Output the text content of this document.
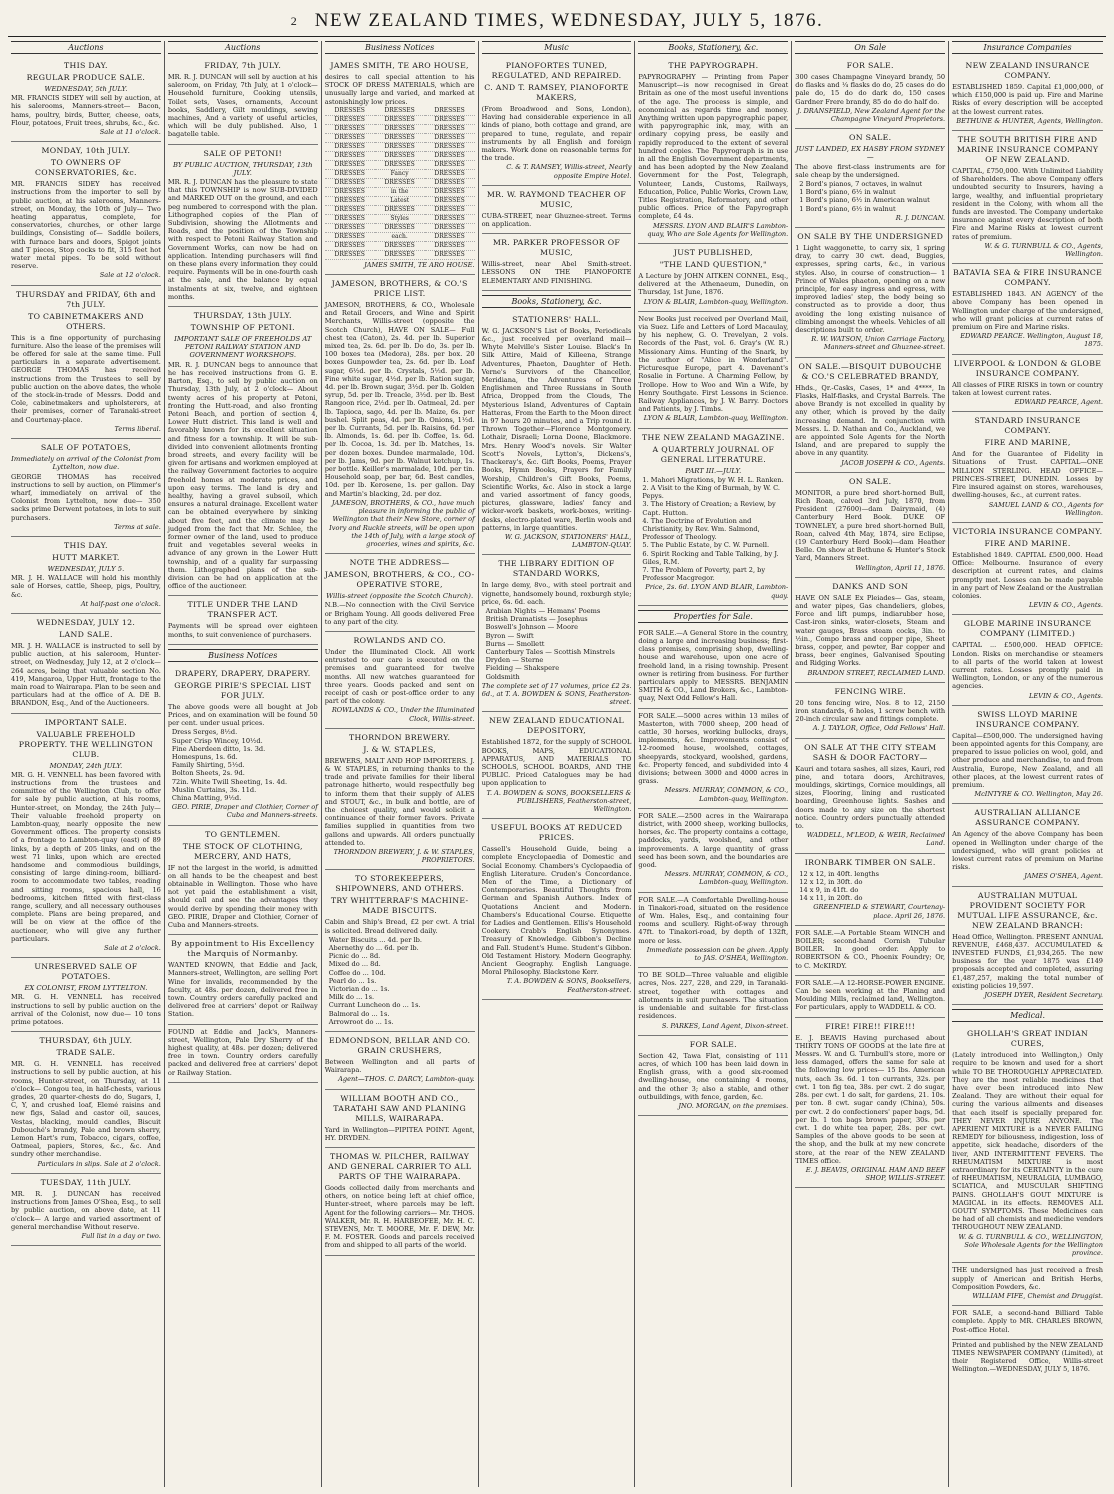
2 NEW ZEALAND TIMES, WEDNESDAY, JULY 5, 1876.
Auctions
THIS DAY.
REGULAR PRODUCE SALE.
WEDNESDAY, 5th JULY.
MR. FRANCIS SIDEY will sell by auction, at his salerooms, Manners-street— Bacon, hams, poultry, birds, Butter, cheese, oats, Flour, potatoes, Fruit trees, shrubs, &c., &c.
Sale at 11 o'clock.
MONDAY, 10th JULY.
TO OWNERS OF CONSERVATORIES, &c.
MR. FRANCIS SIDEY has received instructions from the importer to sell by public auction, at his salerooms, Manners-street, on Monday, the 10th of July— Two heating apparatus, complete, for conservatories, churches, or other large buildings, Consisting of— Saddle boilers, with furnace bars and doors, Spigot joints and T pieces, Stop cocks to fit, 315 feet hot water metal pipes. To be sold without reserve.
Sale at 12 o'clock.
THURSDAY and FRIDAY, 6th and 7th JULY.
TO CABINETMAKERS AND OTHERS.
This is a fine opportunity of purchasing furniture. Also the lease of the premises will be offered for sale at the same time. Full particulars in a separate advertisement. GEORGE THOMAS has received instructions from the Trustees to sell by public auction on the above dates, the whole of the stock-in-trade of Messrs. Dodd and Cole, cabinetmakers and upholsterers, at their premises, corner of Taranaki-street and Courtenay-place.
Terms liberal.
SALE OF POTATOES,
Immediately on arrival of the Colonist from Lyttelton, now due.
GEORGE THOMAS has received instructions to sell by auction, on Plimmer's wharf, immediately on arrival of the Colonist from Lyttelton, now due— 350 sacks prime Derwent potatoes, in lots to suit purchasers.
Terms at sale.
THIS DAY.
HUTT MARKET.
WEDNESDAY, JULY 5.
MR. J. H. WALLACE will hold his monthly sale of Horses, cattle, Sheep, pigs, Poultry, &c.
At half-past one o'clock.
WEDNESDAY, JULY 12.
LAND SALE.
MR. J. H. WALLACE is instructed to sell by public auction, at his saleroom, Hunter-street, on Wednesday, July 12, at 2 o'clock— 264 acres, being that valuable section No. 419, Mangaroa, Upper Hutt, frontage to the main road to Wairarapa. Plan to be seen and particulars had at the office of A. DE B. BRANDON, Esq., And of the Auctioneers.
IMPORTANT SALE.
VALUABLE FREEHOLD PROPERTY. THE WELLINGTON CLUB.
MONDAY, 24th JULY.
MR. G. H. VENNELL has been favored with instructions from the trustees and committee of the Wellington Club, to offer for sale by public auction, at his rooms, Hunter-street, on Monday, the 24th July— Their valuable freehold property on Lambton-quay, nearly opposite the new Government offices. The property consists of a frontage to Lambton-quay (east) of 89 links, by a depth of 205 links, and on the west 71 links, upon which are erected handsome and commodious buildings, consisting of large dining-room, billiard-room to accommodate two tables, reading and sitting rooms, spacious hall, 16 bedrooms, kitchen fitted with first-class range, scullery, and all necessary outhouses complete. Plans are being prepared, and will be on view at the office of the auctioneer, who will give any further particulars.
Sale at 2 o'clock.
UNRESERVED SALE OF POTATOES.
EX COLONIST, FROM LYTTELTON.
MR. G. H. VENNELL has received instructions to sell by public auction on the arrival of the Colonist, now due— 10 tons prime potatoes.
THURSDAY, 6th JULY.
TRADE SALE.
MR. G. H. VENNELL has received instructions to sell by public auction, at his rooms, Hunter-street, on Thursday, at 11 o'clock— Congou tea, in half-chests, various grades, 20 quarter-chests do do, Sugars, I, C, Y, and crushed loaf, Elemé raisins and new figs, Salad and castor oil, sauces, Vestas, blacking, mould candles, Biscuit Dubouché's brandy, Pale and brown sherry, Lemon Hart's rum, Tobacco, cigars, coffee, Oatmeal, papiers, Stores, &c., &c. And sundry other merchandise.
Particulars in slips. Sale at 2 o'clock.
TUESDAY, 11th JULY.
MR. R. J. DUNCAN has received instructions from James O'Shea, Esq., to sell by public auction, on above date, at 11 o'clock— A large and varied assortment of general merchandise Without reserve.
Full list in a day or two.
Auctions
FRIDAY, 7th JULY.
MR. R. J. DUNCAN will sell by auction at his saleroom, on Friday, 7th July, at 1 o'clock— Household furniture, Cooking utensils, Toilet sets, Vases, ornaments, Account books, Saddlery, Gilt mouldings, sewing machines, And a variety of useful articles, which will be duly published. Also, 1 bagatelle table.
SALE OF PETONI!
BY PUBLIC AUCTION, THURSDAY, 13th JULY.
MR. R. J. DUNCAN has the pleasure to state that this TOWNSHIP is now SUB-DIVIDED and MARKED OUT on the ground, and each peg numbered to correspond with the plan. Lithographed copies of the Plan of Subdivision, showing the Allotments and Roads, and the position of the Township with respect to Petoni Railway Station and Government Works, can now be had on application. Intending purchasers will find on these plans every information they could require. Payments will be in one-fourth cash at the sale, and the balance by equal instalments at six, twelve, and eighteen months.
THURSDAY, 13th JULY.
TOWNSHIP OF PETONI.
IMPORTANT SALE OF FREEHOLDS AT PETONI RAILWAY STATION AND GOVERNMENT WORKSHOPS.
MR. R. J. DUNCAN begs to announce that he has received instructions from G. E. Barton, Esq., to sell by public auction on Thursday, 13th July, at 2 o'clock— About twenty acres of his property at Petoni, fronting the Hutt-road, and also fronting Petoni Beach, and portion of section 4, Lower Hutt district. This land is well and favorably known for its excellent situation and fitness for a township. It will be sub-divided into convenient allotments fronting broad streets, and every facility will be given for artisans and workmen employed at the railway Government factories to acquire freehold homes at moderate prices, and upon easy terms. The land is dry and healthy, having a gravel subsoil, which ensures a natural drainage. Excellent water can be obtained everywhere by sinking about five feet, and the climate may be judged from the fact that Mr. Schlee, the former owner of the land, used to produce fruit and vegetables several weeks in advance of any grown in the Lower Hutt township, and of a quality far surpassing them. Lithographed plans of the sub-division can be had on application at the office of the auctioneer.
TITLE UNDER THE LAND TRANSFER ACT.
Payments will be spread over eighteen months, to suit convenience of purchasers.
Business Notices
DRAPERY, DRAPERY, DRAPERY.
GEORGE PIRIE'S SPECIAL LIST FOR JULY.
The above goods were all bought at Job Prices, and on examination will be found 50 per cent. under usual prices.
Dress Serges, 8½d.
Super Crisp Wincey, 10½d.
Fine Aberdeen ditto, 1s. 3d.
Homespuns, 1s. 6d.
Family Shirting, 5½d.
Bolton Sheets, 2s. 9d.
72in. White Twill Sheeting, 1s. 4d.
Muslin Curtains, 3s. 11d.
China Matting, 9½d.
GEO. PIRIE, Draper and Clothier, Corner of Cuba and Manners-streets.
TO GENTLEMEN.
THE STOCK OF CLOTHING, MERCERY, AND HATS,
IF not the largest in the world, is admitted on all hands to be the cheapest and best obtainable in Wellington. Those who have not yet paid the establishment a visit, should call and see the advantages they would derive by spending their money with GEO. PIRIE, Draper and Clothier, Corner of Cuba and Manners-streets.
By appointment to His Excellency the Marquis of Normanby.
WANTED KNOWN, that Eddie and Jack, Manners-street, Wellington, are selling Port Wine for invalids, recommended by the faculty, at 48s. per dozen, delivered free in town. Country orders carefully packed and delivered free at carriers' depot or Railway Station.
FOUND at Eddie and Jack's, Manners-street, Wellington, Pale Dry Sherry of the highest quality, at 48s. per dozen; delivered free in town. Country orders carefully packed and delivered free at carriers' depot or Railway Station.
Business Notices
JAMES SMITH, TE ARO HOUSE,
desires to call special attention to his STOCK OF DRESS MATERIALS, which are unusually large and varied, and marked at astonishingly low prices.
DRESSES	DRESSES	DRESSES
DRESSES	DRESSES	DRESSES
DRESSES	DRESSES	DRESSES
DRESSES	DRESSES	DRESSES
DRESSES	DRESSES	DRESSES
DRESSES	DRESSES	DRESSES
DRESSES	DRESSES	DRESSES
DRESSES	Fancy	DRESSES
DRESSES	DRESSES	DRESSES
DRESSES	in the	DRESSES
DRESSES	Latest	DRESSES
DRESSES	DRESSES	DRESSES
DRESSES	Styles	DRESSES
DRESSES	DRESSES	DRESSES
DRESSES	each.	DRESSES
DRESSES	DRESSES	DRESSES
DRESSES	DRESSES	DRESSES
JAMES SMITH, TE ARO HOUSE.
JAMESON, BROTHERS, & CO.'S PRICE LIST.
JAMESON, BROTHERS, & CO., Wholesale and Retail Grocers, and Wine and Spirit Merchants, Willis-street (opposite the Scotch Church), HAVE ON SALE— Full chest tea (Caton), 2s. 4d. per lb. Superior mixed tea, 2s. 6d. per lb. Do do, 3s. per lb. 100 boxes tea (Medora), 28s. per box. 20 boxes Gunpowder tea, 2s. 6d. per lb. Loaf sugar, 6½d. per lb. Crystals, 5½d. per lb. Fine white sugar, 4½d. per lb. Ration sugar, 4d. per lb. Brown sugar, 3½d. per lb. Golden syrup, 5d. per lb. Treacle, 3½d. per lb. Best Rangoon rice, 2½d. per lb. Oatmeal, 2d. per lb. Tapioca, sago, 4d. per lb. Maize, 6s. per bushel. Split peas, 4d. per lb. Onions, 1½d. per lb. Currants, 5d. per lb. Raisins, 6d. per lb. Almonds, 1s. 6d. per lb. Coffee, 1s. 6d. per lb. Cocoa, 1s. 3d. per lb. Matches, 1s. per dozen boxes. Dundee marmalade, 10d. per lb. Jams, 9d. per lb. Walnut ketchup, 1s. per bottle. Keiller's marmalade, 10d. per tin. Household soap, per bar, 6d. Best candles, 10d. per lb. Kerosene, 1s. per gallon. Day and Martin's blacking, 2d. per doz.
JAMESON, BROTHERS, & CO., have much pleasure in informing the public of Wellington that their New Store, corner of Ivory and Ruckle streets, will be open upon the 14th of July, with a large stock of groceries, wines and spirits, &c.
NOTE THE ADDRESS—
JAMESON, BROTHERS, & CO., CO-OPERATIVE STORE,
Willis-street (opposite the Scotch Church).
N.B.—No connection with the Civil Service or Brigham Young. All goods delivered Free to any part of the city.
ROWLANDS AND CO.
Under the Illuminated Clock. All work entrusted to our care is executed on the premises and guaranteed for twelve months. All new watches guaranteed for three years. Goods packed and sent on receipt of cash or post-office order to any part of the colony.
ROWLANDS & CO., Under the Illuminated Clock, Willis-street.
THORNDON BREWERY.
J. & W. STAPLES,
BREWERS, MALT AND HOP IMPORTERS. J. & W. STAPLES, in returning thanks to the trade and private families for their liberal patronage hitherto, would respectfully beg to inform them that their supply of ALES and STOUT, &c., in bulk and bottle, are of the choicest quality, and would solicit a continuance of their former favors. Private families supplied in quantities from two gallons and upwards. All orders punctually attended to.
THORNDON BREWERY, J. & W. STAPLES, PROPRIETORS.
TO STOREKEEPERS, SHIPOWNERS, AND OTHERS.
TRY WHITTERRAF'S MACHINE-MADE BISCUITS.
Cabin and Ship's Bread, £2 per cwt. A trial is solicited. Bread delivered daily.
Water Biscuits ... 4d. per lb.
Abernethy do ... 6d. per lb.
Picnic do ... 8d.
Mixed do ... 8d.
Coffee do ... 10d.
Pearl do ... 1s.
Victorian do ... 1s.
Milk do ... 1s.
Currant Luncheon do ... 1s.
Balmoral do ... 1s.
Arrowroot do ... 1s.
EDMONDSON, BELLAR AND CO. GRAIN CRUSHERS,
Between Wellington and all parts of Wairarapa.
Agent—THOS. C. DARCY, Lambton-quay.
WILLIAM BOOTH AND CO., TARATAHI SAW AND PLANING MILLS, WAIRARAPA.
Yard in Wellington—PIPITEA POINT. Agent, HY. DRYDEN.
THOMAS W. PILCHER, RAILWAY AND GENERAL CARRIER TO ALL PARTS OF THE WAIRARAPA.
Goods collected daily from merchants and others, on notice being left at chief office, Hunter-street, where parcels may be left. Agent for the following carriers— Mr. THOS. WALKER, Mr. R. H. HARBEOFEE, Mr. H. C. STEVENS, Mr. T. MOORE, Mr. F. DEW, Mr. F. M. FOSTER. Goods and parcels received from and shipped to all parts of the world.
Music
PIANOFORTES TUNED, REGULATED, AND REPAIRED.
C. AND T. RAMSEY, PIANOFORTE MAKERS,
(From Broadwood and Sons, London), Having had considerable experience in all kinds of piano, both cottage and grand, are prepared to tune, regulate, and repair instruments by all English and foreign makers. Work done on reasonable terms for the trade.
C. & T. RAMSEY, Willis-street, Nearly opposite Empire Hotel.
MR. W. RAYMOND TEACHER OF MUSIC,
CUBA-STREET, near Ghuznee-street. Terms on application.
MR. PARKER PROFESSOR OF MUSIC,
Willis-street, near Abel Smith-street. LESSONS ON THE PIANOFORTE ELEMENTARY AND FINISHING.
Books, Stationery, &c.
STATIONERS' HALL.
W. G. JACKSON'S List of Books, Periodicals &c., just received per overland mail— Whyte Melville's Sister Louise. Black's In Silk Attire, Maid of Killeena, Strange Adventures, Phaeton, Daughter of Heth. Verne's Survivors of the Chancellor, Meridiana, the Adventures of Three Englishmen and Three Russians in South Africa, Dropped from the Clouds, The Mysterious Island, Adventures of Captain Hatteras, From the Earth to the Moon direct in 97 hours 20 minutes, and a Trip round it. Thrown Together—Florence Montgomery. Lothair, Disraeli; Lorna Doone, Blackmore. Mrs. Henry Wood's novels. Sir Walter Scott's Novels, Lytton's, Dickens's, Thackeray's, &c. Gift Books, Poems, Prayer Books, Hymn Books, Prayers for Family Worship, Children's Gift Books, Poems, Scientific Works, &c. Also in stock a large and varied assortment of fancy goods, pictures, glassware, ladies' fancy and wicker-work baskets, work-boxes, writing-desks, electro-plated ware, Berlin wools and patterns, in large quantities.
W. G. JACKSON, STATIONERS' HALL, LAMBTON-QUAY.
THE LIBRARY EDITION OF STANDARD WORKS,
In large demy, 8vo., with steel portrait and vignette, handsomely bound, roxburgh style; price, 6s. 6d. each.
Arabian Nights — Hemans' Poems
British Dramatists — Josephus
Boswell's Johnson — Moore
Byron — Swift
Burns — Smollett
Canterbury Tales — Scottish Minstrels
Dryden — Sterne
Fielding — Shakspere
Goldsmith
The complete set of 17 volumes, price £2 2s. 6d., at T. A. BOWDEN & SONS, Featherston-street.
NEW ZEALAND EDUCATIONAL DEPOSITORY,
Established 1872, for the supply of SCHOOL BOOKS, MAPS, EDUCATIONAL APPARATUS, AND MATERIALS TO SCHOOLS, SCHOOL BOARDS, AND THE PUBLIC. Priced Catalogues may be had upon application to
T. A. BOWDEN & SONS, BOOKSELLERS & PUBLISHERS, Featherston-street, Wellington.
USEFUL BOOKS AT REDUCED PRICES.
Cassell's Household Guide, being a complete Encyclopaedia of Domestic and Social Economy. Chambers's Cyclopaedia of English Literature. Cruden's Concordance. Men of the Time, a Dictionary of Contemporaries. Beautiful Thoughts from German and Spanish Authors. Index of Quotations Ancient and Modern. Chambers's Educational Course. Etiquette for Ladies and Gentlemen. Ellis's Household Cookery. Crabb's English Synonymes. Treasury of Knowledge. Gibbon's Decline and Fall. Student's Hume. Student's Gibbon. Old Testament History. Modern Geography. Ancient Geography. English Language. Moral Philosophy. Blackstone Kerr.
T. A. BOWDEN & SONS, Booksellers, Featherston-street.
Books, Stationery, &c.
THE PAPYROGRAPH.
PAPYROGRAPHY — Printing from Paper Manuscript—is now recognised in Great Britain as one of the most useful inventions of the age. The process is simple, and economical as regards time and money. Anything written upon papyrographic paper, with papyrographic ink, may, with an ordinary copying press, be easily and rapidly reproduced to the extent of several hundred copies. The Papyrograph is in use in all the English Government departments, and has been adopted by the New Zealand Government for the Post, Telegraph, Volunteer, Lands, Customs, Railways, Education, Police, Public Works, Crown Law, Titles Registration, Reformatory, and other public offices. Price of the Papyrograph complete, £4 4s.
MESSRS. LYON AND BLAIR'S Lambton-quay, Who are Sole Agents for Wellington.
JUST PUBLISHED,
"THE LAND QUESTION,"
A Lecture by JOHN AITKEN CONNEL, Esq., delivered at the Athenaeum, Dunedin, on Thursday, 1st June, 1876.
LYON & BLAIR, Lambton-quay, Wellington.
New Books just received per Overland Mail, via Suez. Life and Letters of Lord Macaulay, by his nephew, G. O. Trevelyan, 2 vols. Records of the Past, vol. 6. Gray's (W. R.) Missionary Aims. Hunting of the Snark, by the author of "Alice in Wonderland". Picturesque Europe, part 4. Davenant's Rosalie in Fortune. A Charming Fellow, by Trollope. How to Woo and Win a Wife, by Henry Southgate. First Lessons in Science. Railway Appliances, by J. W. Barry. Doctors and Patients, by J. Timbs.
LYON & BLAIR, Lambton-quay, Wellington.
THE NEW ZEALAND MAGAZINE.
A QUARTERLY JOURNAL OF GENERAL LITERATURE.
PART III.—JULY.
1. Mahori Migrations, by W. H. L. Ranken.
2. A Visit to the King of Burmah, by W. C. Pepys.
3. The History of Creation; a Review, by Capt. Hutton.
4. The Doctrine of Evolution and Christianity, by Rev. Wm. Salmond, Professor of Theology.
5. The Public Estate, by C. W. Purnell.
6. Spirit Rocking and Table Talking, by J. Giles, R.M.
7. The Problem of Poverty, part 2, by Professor Macgregor.
Price, 2s. 6d. LYON AND BLAIR, Lambton-quay.
Properties for Sale.
FOR SALE.—A General Store in the country, doing a large and increasing business; first-class premises, comprising shop, dwelling-house and warehouse, upon one acre of freehold land, in a rising township. Present owner is retiring from business. For further particulars apply to MESSRS. BENJAMIN SMITH & CO., Land Brokers, &c., Lambton-quay, Next Odd Fellow's Hall.
FOR SALE.—5000 acres within 13 miles of Masterton, with 7000 sheep, 200 head of cattle, 30 horses, working bullocks, drays, implements, &c. Improvements consist of 12-roomed house, woolshed, cottages, sheepyards, stockyard, woolshed, gardens, &c. Property fenced, and subdivided into 4 divisions; between 3000 and 4000 acres in grass.
Messrs. MURRAY, COMMON, & CO., Lambton-quay, Wellington.
FOR SALE.—2500 acres in the Wairarapa district, with 2000 sheep, working bullocks, horses, &c. The property contains a cottage, paddocks, yards, woolshed, and other improvements. A large quantity of grass seed has been sown, and the boundaries are good.
Messrs. MURRAY, COMMON, & CO., Lambton-quay, Wellington.
FOR SALE.—A Comfortable Dwelling-house in Tinakori-road, situated on the residence of Wm. Hales, Esq., and containing four rooms and scullery. Right-of-way through 47ft. to Tinakori-road, by depth of 132ft, more or less.
Immediate possession can be given. Apply to JAS. O'SHEA, Wellington.
TO BE SOLD—Three valuable and eligible acres, Nos. 227, 228, and 229, in Taranaki-street, together with cottages and allotments in suit purchasers. The situation is undeniable and suitable for first-class residences.
S. PARKES, Land Agent, Dixon-street.
FOR SALE.
Section 42, Tawa Flat, consisting of 111 acres, of which 100 has been laid down in English grass, with a good six-roomed dwelling-house, one containing 4 rooms, and the other 3; also a stable, and other outbuildings, with fence, garden, &c.
JNO. MORGAN, on the premises.
On Sale
FOR SALE.
300 cases Champagne Vineyard brandy, 50 do flasks and ¼ flasks do do, 25 cases do do pale do, 15 do do dark do, 150 cases Gardner Frere brandy, 85 do do do half do.
J. DRANSFIELD, New Zealand Agent for the Champagne Vineyard Proprietors.
ON SALE.
JUST LANDED, EX HASBY FROM SYDNEY—
The above first-class instruments are for sale cheap by the undersigned.
2 Bord's pianos, 7 octaves, in walnut
1 Bord's piano, 6½ in walnut
1 Bord's piano, 6½ in American walnut
1 Bord's piano, 6½ in walnut
R. J. DUNCAN.
ON SALE BY THE UNDERSIGNED
1 Light waggonette, to carry six, 1 spring dray, to carry 30 cwt. dead, Buggies, expresses, spring carts, &c., in various styles. Also, in course of construction— 1 Prince of Wales phaeton, opening on a new principle, for easy ingress and egress, with improved ladies' step, the body being so constructed as to provide a door, thus avoiding the long existing nuisance of climbing amongst the wheels. Vehicles of all descriptions built to order.
R. W. WATSON, Union Carriage Factory, Manners-street and Ghuznee-street.
ON SALE.—BISQUIT DUBOUCHE & CO.'S CELEBRATED BRANDY,
Hhds., Qr.-Casks, Cases, 1* and 4****, In Flasks, Half-flasks, and Crystal Barrels. The above Brandy is not excelled in quality by any other, which is proved by the daily increasing demand. In conjunction with Messrs. L. D. Nathan and Co., Auckland, we are appointed Sole Agents for the North Island, and are prepared to supply the above in any quantity.
JACOB JOSEPH & CO., Agents.
ON SALE.
MONITOR, a pure bred short-horned Bull, Rich Roan, calved 3rd July, 1870, from President (27600)—dam Dairymaid, (4) Canterbury Herd Book. DUKE OF TOWNELEY, a pure bred short-horned Bull, Roan, calved 4th May, 1874, sire Eclipse, (19 Canterbury Herd Book)—dam Heather Belle. On show at Bethune & Hunter's Stock Yard, Manners Street.
Wellington, April 11, 1876.
DANKS AND SON
HAVE ON SALE Ex Pleiades— Gas, steam, and water pipes, Gas chandeliers, globes, Force and lift pumps, indiarubber hose, Cast-iron sinks, water-closets, Steam and water gauges, Brass steam cocks, 3in. to ½in., Compo brass and copper pipe, Sheet brass, copper, and pewter, Bar copper and brass, beer engines, Galvanised Spouting and Ridging Works.
BRANDON STREET, RECLAIMED LAND.
FENCING WIRE.
20 tons fencing wire, Nos. 8 to 12, 2150 iron standards, 6 holes, 1 screw bench with 20-inch circular saw and fittings complete.
A. J. TAYLOR, Office, Odd Fellows' Hall.
ON SALE AT THE CITY STEAM SASH & DOOR FACTORY—
Kauri and totara sashes, all sizes, Kauri, red pine, and totara doors, Architraves, mouldings, skirtings, Cornice mouldings, all sizes, Flooring, lining and rusticated boarding, Greenhouse lights. Sashes and doors made to any size on the shortest notice. Country orders punctually attended to.
WADDELL, M'LEOD, & WEIR, Reclaimed Land.
IRONBARK TIMBER ON SALE.
12 x 12, in 40ft. lengths
12 x 12, in 30ft. do
14 x 9, in 41ft. do
14 x 11, in 20ft. do
GREENFIELD & STEWART, Courtenay-place. April 26, 1876.
FOR SALE.—A Portable Steam WINCH and BOILER; second-hand Cornish Tubular BOILER. In good order. Apply to ROBERTSON & CO., Phoenix Foundry; Or, to C. McKIRDY.
FOR SALE.—A 12-HORSE-POWER ENGINE. Can be seen working at the Planing and Moulding Mills, reclaimed land, Wellington. For particulars, apply to WADDELL & CO.
FIRE! FIRE!! FIRE!!!
E. J. BEAVIS Having purchased about THIRTY TONS OF GOODS at the late fire at Messrs. W. and G. Turnbull's store, more or less damaged, offers the same for sale at the following low prices— 15 lbs. American nuts, each 3s. 6d. 1 ton currants, 32s. per cwt. 1 ton fig tea, 38s. per cwt. 2 do sugar, 28s. per cwt. 1 do salt, for gardens, 21. 10s. per ton. 8 cwt. sugar candy (China), 50s. per cwt. 2 do confectioners' paper bags, 5d. per lb. 1 ton bags brown paper, 30s. per cwt. 1 do white tea paper, 28s. per cwt. Samples of the above goods to be seen at the shop, and the bulk at my new concrete store, at the rear of the NEW ZEALAND TIMES office.
E. J. BEAVIS, ORIGINAL HAM AND BEEF SHOP, WILLIS-STREET.
Insurance Companies
NEW ZEALAND INSURANCE COMPANY.
ESTABLISHED 1859. Capital £1,000,000, of which £150,000 is paid up. Fire and Marine Risks of every description will be accepted at the lowest current rates.
BETHUNE & HUNTER, Agents, Wellington.
THE SOUTH BRITISH FIRE AND MARINE INSURANCE COMPANY OF NEW ZEALAND.
CAPITAL, £750,000. With Unlimited Liability of Shareholders. The above Company offers undoubted security to Insurers, having a large, wealthy, and influential proprietary resident in the Colony, with whom all the funds are invested. The Company undertake insurance against every description of both Fire and Marine Risks at lowest current rates of premium.
W. & G. TURNBULL & CO., Agents, Wellington.
BATAVIA SEA & FIRE INSURANCE COMPANY.
ESTABLISHED 1843. AN AGENCY of the above Company has been opened in Wellington under charge of the undersigned, who will grant policies at current rates of premium on Fire and Marine risks.
EDWARD PEARCE. Wellington, August 18, 1875.
LIVERPOOL & LONDON & GLOBE INSURANCE COMPANY.
All classes of FIRE RISKS in town or country taken at lowest current rates.
EDWARD PEARCE, Agent.
STANDARD INSURANCE COMPANY.
FIRE AND MARINE,
And for the Guarantee of Fidelity in Situations of Trust. CAPITAL—ONE MILLION STERLING. HEAD OFFICE—PRINCES-STREET, DUNEDIN. Losses by Fire insured against on stores, warehouses, dwelling-houses, &c., at current rates.
SAMUEL LAND & CO., Agents for Wellington.
VICTORIA INSURANCE COMPANY.
FIRE AND MARINE.
Established 1849. CAPITAL £500,000. Head Office: Melbourne. Insurance of every description at current rates, and claims promptly met. Losses can be made payable in any part of New Zealand or the Australian colonies.
LEVIN & CO., Agents.
GLOBE MARINE INSURANCE COMPANY (LIMITED.)
CAPITAL ... £500,000. HEAD OFFICE: London. Risks on merchandise or steamers to all parts of the world taken at lowest current rates. Losses promptly paid in Wellington, London, or any of the numerous agencies.
LEVIN & CO., Agents.
SWISS LLOYD MARINE INSURANCE COMPANY.
Capital—£500,000. The undersigned having been appointed agents for this Company, are prepared to issue policies on wool, gold, and other produce and merchandise, to and from Australia, Europe, New Zealand, and all other places, at the lowest current rates of premium.
McINTYRE & CO. Wellington, May 26.
AUSTRALIAN ALLIANCE ASSURANCE COMPANY.
An Agency of the above Company has been opened in Wellington under charge of the undersigned, who will grant policies at lowest current rates of premium on Marine risks.
JAMES O'SHEA, Agent.
AUSTRALIAN MUTUAL PROVIDENT SOCIETY FOR MUTUAL LIFE ASSURANCE, &c. NEW ZEALAND BRANCH:
Head Office, Wellington. PRESENT ANNUAL REVENUE, £468,437. ACCUMULATED & INVESTED FUNDS, £1,934,265. The new business for the year 1875 was £149 proposals accepted and completed, assuring £1,487,257, making the total number of existing policies 19,597.
JOSEPH DYER, Resident Secretary.
Medical.
GHOLLAH'S GREAT INDIAN CURES,
(Lately introduced into Wellington,) Only require to be known and used for a short while TO BE THOROUGHLY APPRECIATED. They are the most reliable medicines that have ever been introduced into New Zealand. They are without their equal for curing the various ailments and diseases that each itself is specially prepared for. THEY NEVER INJURE ANYONE. The APERIENT MIXTURE is a NEVER FAILING REMEDY for biliousness, indigestion, loss of appetite, sick headache, disorders of the liver, AND INTERMITTENT FEVERS. The RHEUMATISM MIXTURE is most extraordinary for its CERTAINTY in the cure of RHEUMATISM, NEURALGIA, LUMBAGO, SCIATICA, and MUSCULAR SHIFTING PAINS. GHOLLAH'S GOUT MIXTURE is MAGICAL in its effects. REMOVES ALL GOUTY SYMPTOMS. These Medicines can be had of all chemists and medicine vendors THROUGHOUT NEW ZEALAND.
W. & G. TURNBULL & CO., WELLINGTON, Sole Wholesale Agents for the Wellington province.
THE undersigned has just received a fresh supply of American and British Herbs, Composition Powders, &c.
WILLIAM FIFE, Chemist and Druggist.
FOR SALE, a second-hand Billiard Table complete. Apply to MR. CHARLES BROWN, Post-office Hotel.
Printed and published by the NEW ZEALAND TIMES NEWSPAPER COMPANY (Limited), at their Registered Office, Willis-street Wellington.—WEDNESDAY, JULY 5, 1876.
